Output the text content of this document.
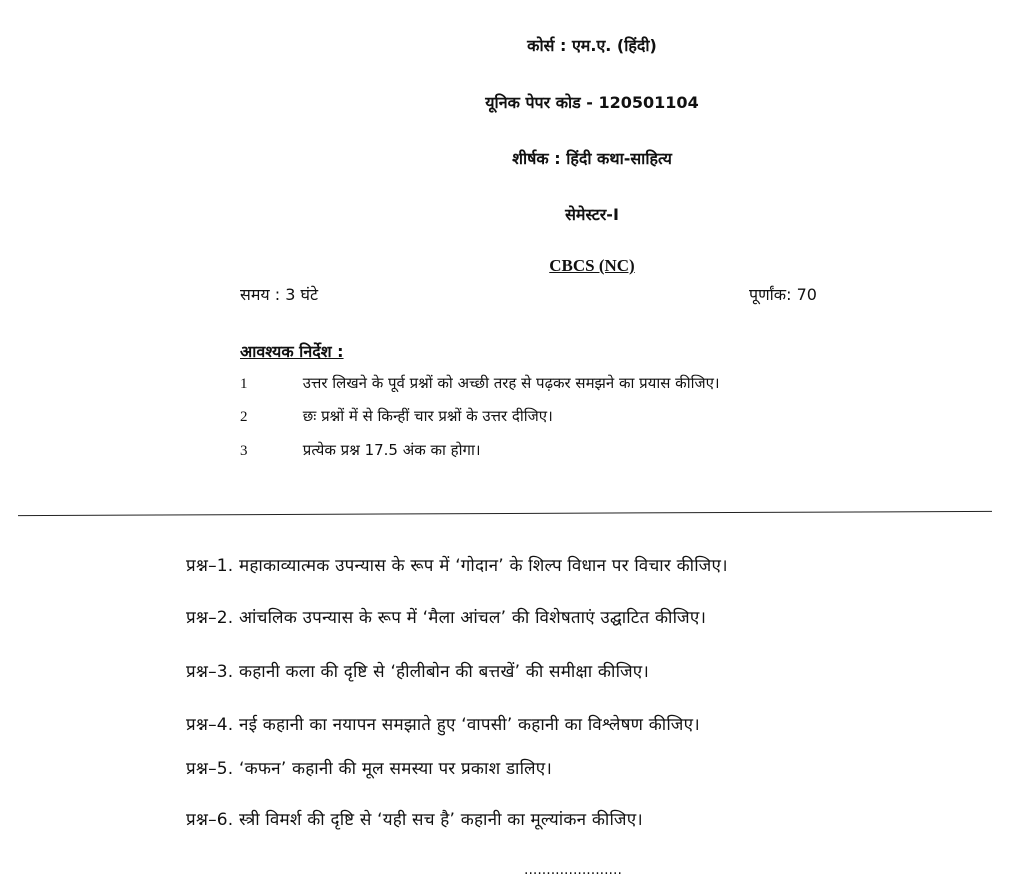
कोर्स : एम.ए. (हिंदी)
यूनिक पेपर कोड - 120501104
शीर्षक : हिंदी कथा-साहित्य
सेमेस्टर-I
CBCS (NC)
समय : 3 घंटे	पूर्णांक: 70
आवश्यक निर्देश :
1	उत्तर लिखने के पूर्व प्रश्नों को अच्छी तरह से पढ़कर समझने का प्रयास कीजिए।
2	छः प्रश्नों में से किन्हीं चार प्रश्नों के उत्तर दीजिए।
3	प्रत्येक प्रश्न 17.5 अंक का होगा।
प्रश्न–1. महाकाव्यात्मक उपन्यास के रूप में ‘गोदान’ के शिल्प विधान पर विचार कीजिए।
प्रश्न–2. आंचलिक उपन्यास के रूप में ‘मैला आंचल’ की विशेषताएं उद्घाटित कीजिए।
प्रश्न–3. कहानी कला की दृष्टि से ‘हीलीबोन की बत्तखें’ की समीक्षा कीजिए।
प्रश्न–4. नई कहानी का नयापन समझाते हुए ‘वापसी’ कहानी का विश्लेषण कीजिए।
प्रश्न–5. ‘कफन’ कहानी की मूल समस्या पर प्रकाश डालिए।
प्रश्न–6. स्त्री विमर्श की दृष्टि से ‘यही सच है’ कहानी का मूल्यांकन कीजिए।
......................
